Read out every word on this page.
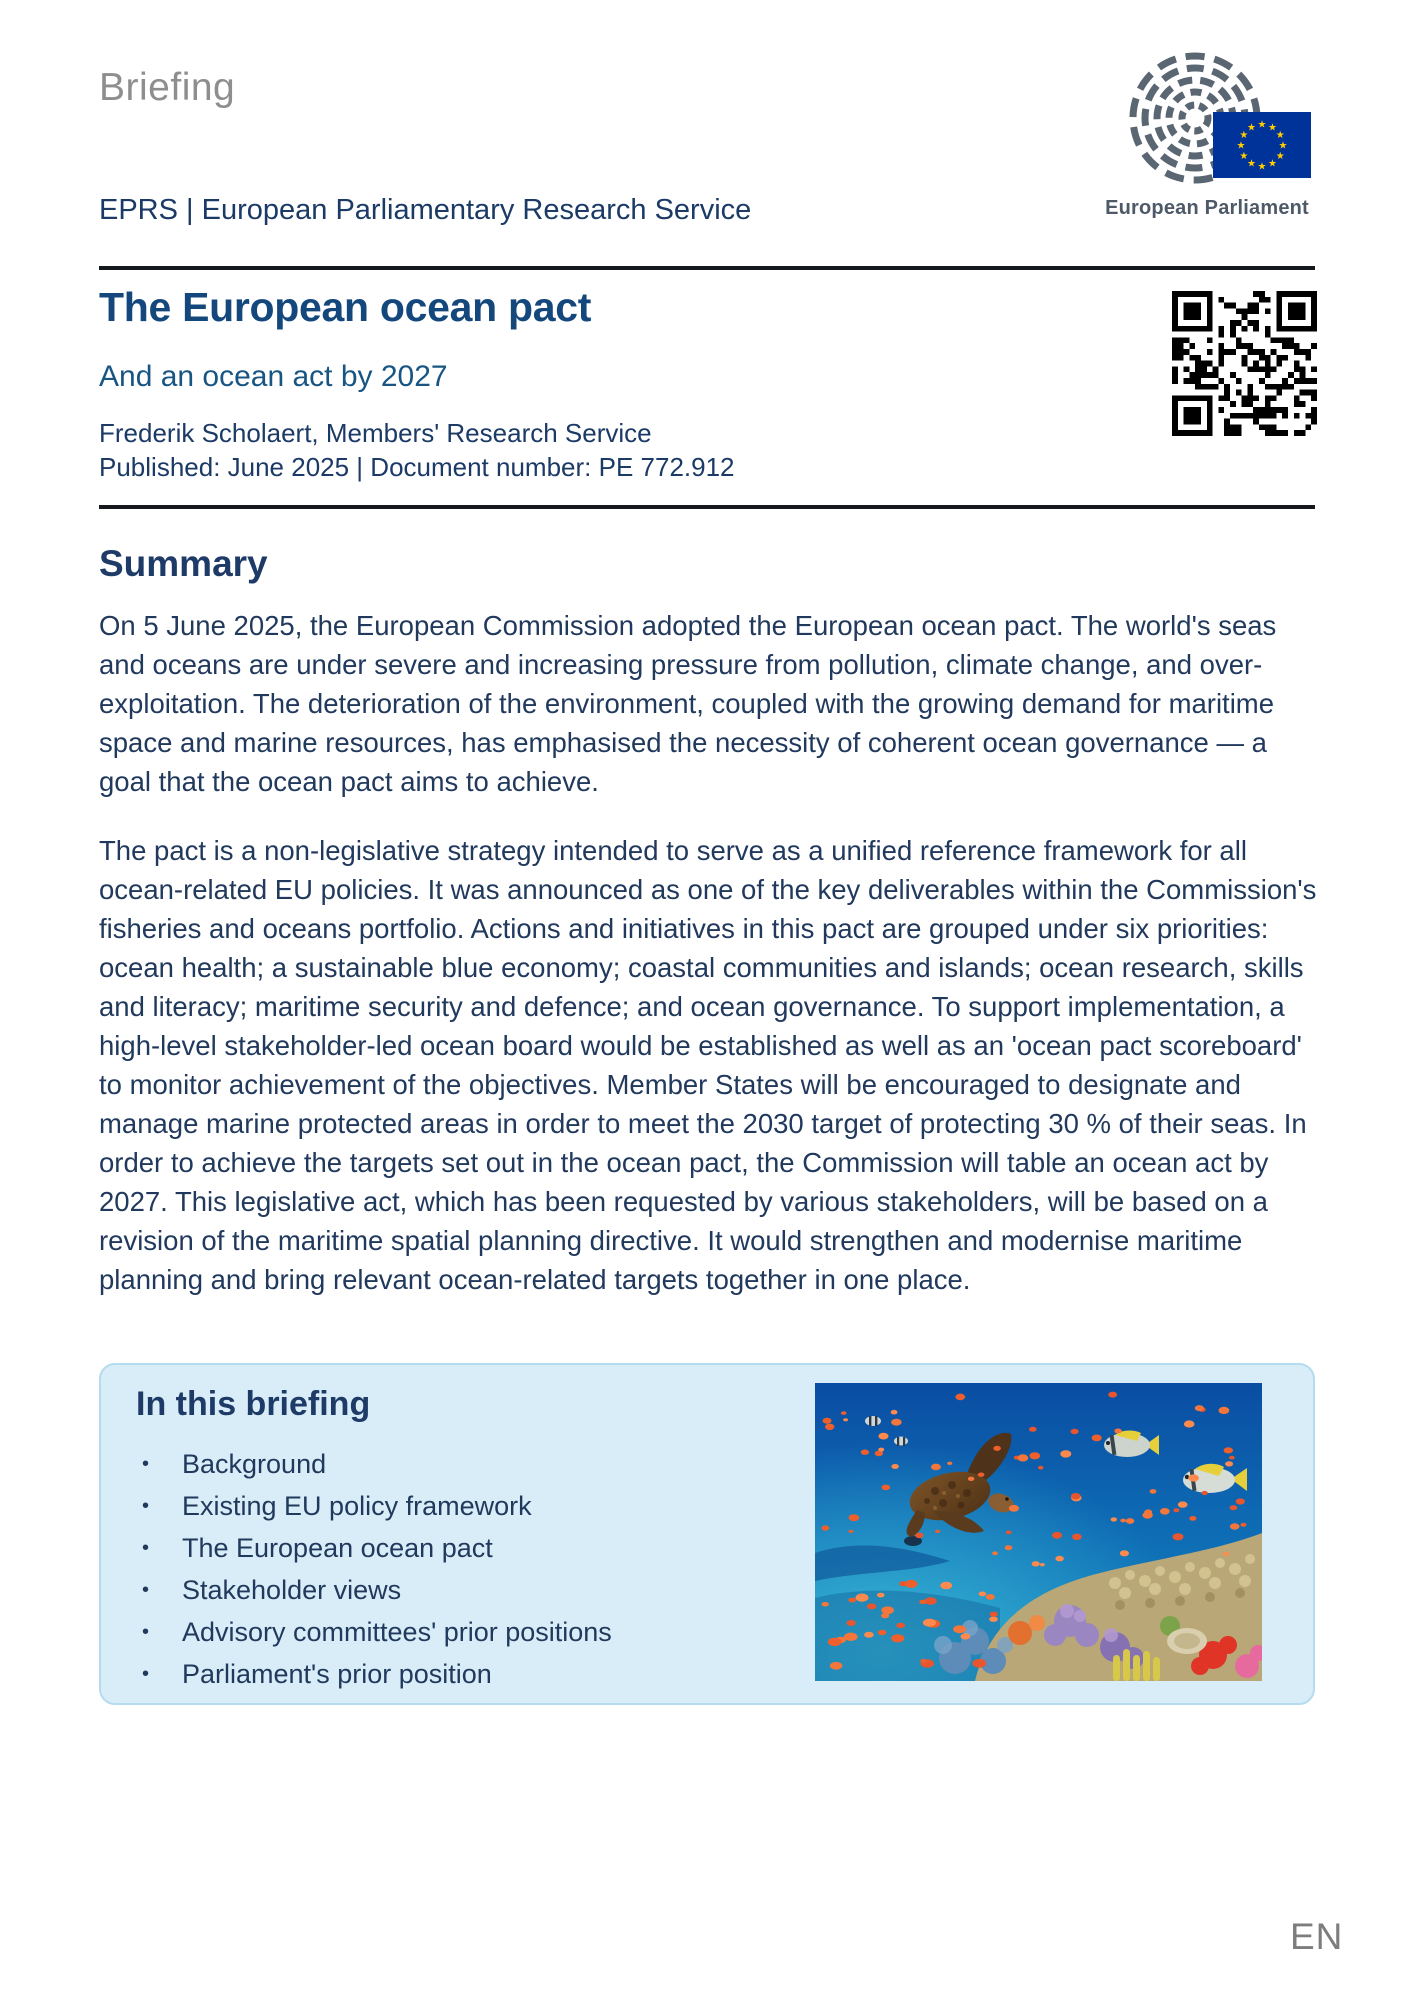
Briefing
★ ★
★
★
★
★
★
★
★
★
★
★
European Parliament
EPRS | European Parliamentary Research Service
The European ocean pact
And an ocean act by 2027
Frederik Scholaert, Members' Research Service
Published: June 2025 | Document number: PE 772.912
Summary

On 5 June 2025, the European Commission adopted the European ocean pact. The world's seas and oceans are under severe and increasing pressure from pollution, climate change, and over-exploitation. The deterioration of the environment, coupled with the growing demand for maritime space and marine resources, has emphasised the necessity of coherent ocean governance — a goal that the ocean pact aims to achieve.

The pact is a non-legislative strategy intended to serve as a unified reference framework for all ocean-related EU policies. It was announced as one of the key deliverables within the Commission's fisheries and oceans portfolio. Actions and initiatives in this pact are grouped under six priorities: ocean health; a sustainable blue economy; coastal communities and islands; ocean research, skills and literacy; maritime security and defence; and ocean governance. To support implementation, a high-level stakeholder-led ocean board would be established as well as an 'ocean pact scoreboard' to monitor achievement of the objectives. Member States will be encouraged to designate and manage marine protected areas in order to meet the 2030 target of protecting 30 % of their seas. In order to achieve the targets set out in the ocean pact, the Commission will table an ocean act by 2027. This legislative act, which has been requested by various stakeholders, will be based on a revision of the maritime spatial planning directive. It would strengthen and modernise maritime planning and bring relevant ocean-related targets together in one place.

In this briefing
• Background
• Existing EU policy framework
• The European ocean pact
• Stakeholder views
• Advisory committees' prior positions
• Parliament's prior position
EN
